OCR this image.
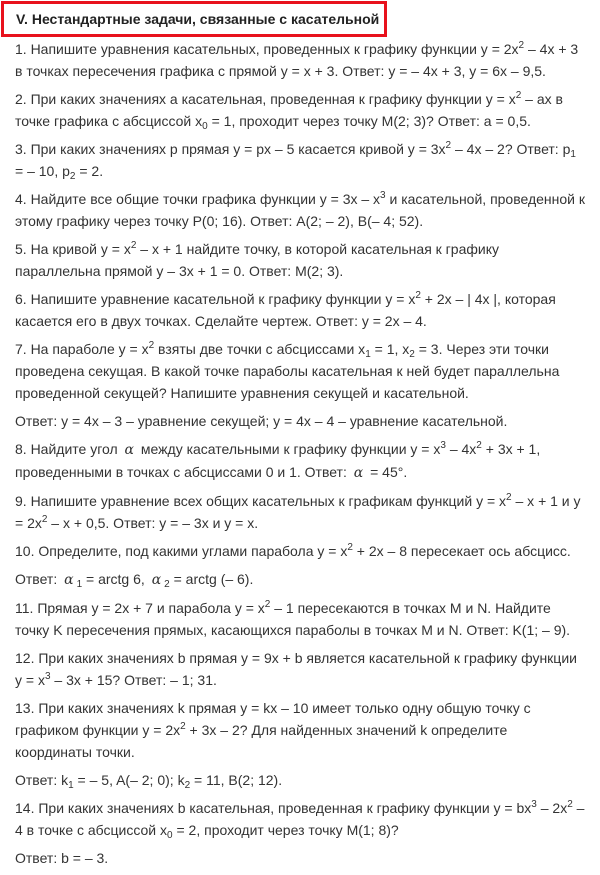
V. Нестандартные задачи, связанные с касательной

1. Напишите уравнения касательных, проведенных к графику функции $y = 2x^2 - 4x + 3$ в точках пересечения графика с прямой y = x + 3. Ответ: y = – 4x + 3, y = 6x – 9,5.

2. При каких значениях а касательная, проведенная к графику функции $y = x^2$ – ax в точке графика с абсциссой $x_0 = 1$, проходит через точку М(2; 3)? Ответ: a = 0,5.

3. При каких значениях p прямая y = px – 5 касается кривой $y = 3x^2 - 4x - 2$? Ответ: $p_1$ = – 10, $p_2 = 2$.

4. Найдите все общие точки графика функции $y = 3x - x^3$ и касательной, проведенной к этому графику через точку P(0; 16). Ответ: A(2; – 2), B(– 4; 52).

5. На кривой $y = x^2 - x + 1$ найдите точку, в которой касательная к графику параллельна прямой y – 3x + 1 = 0. Ответ: M(2; 3).

6. Напишите уравнение касательной к графику функции $y = x^2 + 2x$ – | 4x |, которая касается его в двух точках. Сделайте чертеж. Ответ: y = 2x – 4.

7. На параболе $y = x^2$ взяты две точки с абсциссами $x_1 = 1$, $x_2 = 3$. Через эти точки проведена секущая. В какой точке параболы касательная к ней будет параллельна проведенной секущей? Напишите уравнения секущей и касательной.

Ответ: y = 4x – 3 – уравнение секущей; y = 4x – 4 – уравнение касательной.

8. Найдите угол α между касательными к графику функции $y = x^3 - 4x^2 + 3x + 1$, проведенными в точках с абсциссами 0 и 1. Ответ: α = 45°.

9. Напишите уравнение всех общих касательных к графикам функций $y = x^2 - x + 1$ и $y = 2x^2 - x + 0,5$. Ответ: y = – 3x и y = x.

10. Определите, под какими углами парабола $y = x^2 + 2x - 8$ пересекает ось абсцисс.

Ответ: α $_1$ = arctg 6, α $_2$ = arctg (– 6).

11. Прямая y = 2x + 7 и парабола $y = x^2 - 1$ пересекаются в точках M и N. Найдите точку K пересечения прямых, касающихся параболы в точках M и N. Ответ: K(1; – 9).

12. При каких значениях b прямая y = 9x + b является касательной к графику функции $y = x^3 - 3x + 15$? Ответ: – 1; 31.

13. При каких значениях k прямая y = kx – 10 имеет только одну общую точку с графиком функции $y = 2x^2 + 3x - 2$? Для найденных значений k определите координаты точки.

Ответ: $k_1$ = – 5, A(– 2; 0); $k_2 = 11$, B(2; 12).

14. При каких значениях b касательная, проведенная к графику функции $y = bx^3 - 2x^2 - 4$ в точке с абсциссой $x_0 = 2$, проходит через точку M(1; 8)?

Ответ: b = – 3.
